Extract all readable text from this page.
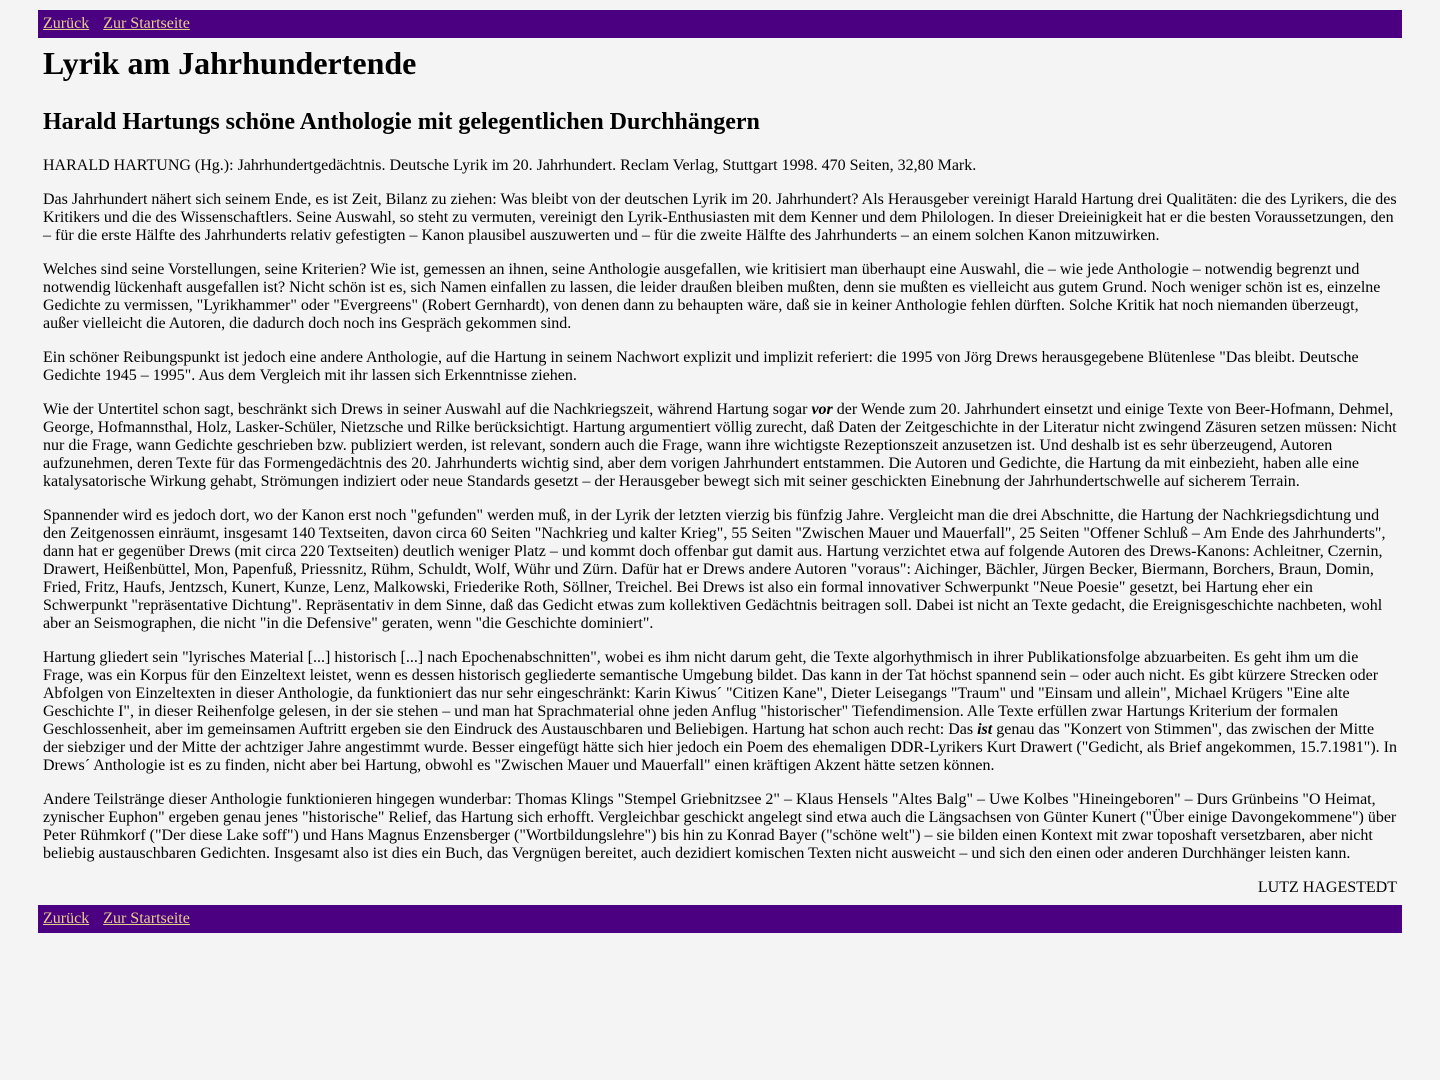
Zurück Zur Startseite
Lyrik am Jahrhundertende
Harald Hartungs schöne Anthologie mit gelegentlichen Durchhängern

HARALD HARTUNG (Hg.): Jahrhundertgedächtnis. Deutsche Lyrik im 20. Jahrhundert. Reclam Verlag, Stuttgart 1998. 470 Seiten, 32,80 Mark.

Das Jahrhundert nähert sich seinem Ende, es ist Zeit, Bilanz zu ziehen: Was bleibt von der deutschen Lyrik im 20. Jahrhundert? Als Herausgeber vereinigt Harald Hartung drei Qualitäten: die des Lyrikers, die des Kritikers und die des Wissenschaftlers. Seine Auswahl, so steht zu vermuten, vereinigt den Lyrik-Enthusiasten mit dem Kenner und dem Philologen. In dieser Dreieinigkeit hat er die besten Voraussetzungen, den – für die erste Hälfte des Jahrhunderts relativ gefestigten – Kanon plausibel auszuwerten und – für die zweite Hälfte des Jahrhunderts – an einem solchen Kanon mitzuwirken.

Welches sind seine Vorstellungen, seine Kriterien? Wie ist, gemessen an ihnen, seine Anthologie ausgefallen, wie kritisiert man überhaupt eine Auswahl, die – wie jede Anthologie – notwendig begrenzt und notwendig lückenhaft ausgefallen ist? Nicht schön ist es, sich Namen einfallen zu lassen, die leider draußen bleiben mußten, denn sie mußten es vielleicht aus gutem Grund. Noch weniger schön ist es, einzelne Gedichte zu vermissen, "Lyrikhammer" oder "Evergreens" (Robert Gernhardt), von denen dann zu behaupten wäre, daß sie in keiner Anthologie fehlen dürften. Solche Kritik hat noch niemanden überzeugt, außer vielleicht die Autoren, die dadurch doch noch ins Gespräch gekommen sind.

Ein schöner Reibungspunkt ist jedoch eine andere Anthologie, auf die Hartung in seinem Nachwort explizit und implizit referiert: die 1995 von Jörg Drews herausgegebene Blütenlese "Das bleibt. Deutsche Gedichte 1945 – 1995". Aus dem Vergleich mit ihr lassen sich Erkenntnisse ziehen.

Wie der Untertitel schon sagt, beschränkt sich Drews in seiner Auswahl auf die Nachkriegszeit, während Hartung sogar vor der Wende zum 20. Jahrhundert einsetzt und einige Texte von Beer-Hofmann, Dehmel, George, Hofmannsthal, Holz, Lasker-Schüler, Nietzsche und Rilke berücksichtigt. Hartung argumentiert völlig zurecht, daß Daten der Zeitgeschichte in der Literatur nicht zwingend Zäsuren setzen müssen: Nicht nur die Frage, wann Gedichte geschrieben bzw. publiziert werden, ist relevant, sondern auch die Frage, wann ihre wichtigste Rezeptionszeit anzusetzen ist. Und deshalb ist es sehr überzeugend, Autoren aufzunehmen, deren Texte für das Formengedächtnis des 20. Jahrhunderts wichtig sind, aber dem vorigen Jahrhundert entstammen. Die Autoren und Gedichte, die Hartung da mit einbezieht, haben alle eine katalysatorische Wirkung gehabt, Strömungen indiziert oder neue Standards gesetzt – der Herausgeber bewegt sich mit seiner geschickten Einebnung der Jahrhundertschwelle auf sicherem Terrain.

Spannender wird es jedoch dort, wo der Kanon erst noch "gefunden" werden muß, in der Lyrik der letzten vierzig bis fünfzig Jahre. Vergleicht man die drei Abschnitte, die Hartung der Nachkriegsdichtung und den Zeitgenossen einräumt, insgesamt 140 Textseiten, davon circa 60 Seiten "Nachkrieg und kalter Krieg", 55 Seiten "Zwischen Mauer und Mauerfall", 25 Seiten "Offener Schluß – Am Ende des Jahrhunderts", dann hat er gegenüber Drews (mit circa 220 Textseiten) deutlich weniger Platz – und kommt doch offenbar gut damit aus. Hartung verzichtet etwa auf folgende Autoren des Drews-Kanons: Achleitner, Czernin, Drawert, Heißenbüttel, Mon, Papenfuß, Priessnitz, Rühm, Schuldt, Wolf, Wühr und Zürn. Dafür hat er Drews andere Autoren "voraus": Aichinger, Bächler, Jürgen Becker, Biermann, Borchers, Braun, Domin, Fried, Fritz, Haufs, Jentzsch, Kunert, Kunze, Lenz, Malkowski, Friederike Roth, Söllner, Treichel. Bei Drews ist also ein formal innovativer Schwerpunkt "Neue Poesie" gesetzt, bei Hartung eher ein Schwerpunkt "repräsentative Dichtung". Repräsentativ in dem Sinne, daß das Gedicht etwas zum kollektiven Gedächtnis beitragen soll. Dabei ist nicht an Texte gedacht, die Ereignisgeschichte nachbeten, wohl aber an Seismographen, die nicht "in die Defensive" geraten, wenn "die Geschichte dominiert".

Hartung gliedert sein "lyrisches Material [...] historisch [...] nach Epochenabschnitten", wobei es ihm nicht darum geht, die Texte algorhythmisch in ihrer Publikationsfolge abzuarbeiten. Es geht ihm um die Frage, was ein Korpus für den Einzeltext leistet, wenn es dessen historisch gegliederte semantische Umgebung bildet. Das kann in der Tat höchst spannend sein – oder auch nicht. Es gibt kürzere Strecken oder Abfolgen von Einzeltexten in dieser Anthologie, da funktioniert das nur sehr eingeschränkt: Karin Kiwus´ "Citizen Kane", Dieter Leisegangs "Traum" und "Einsam und allein", Michael Krügers "Eine alte Geschichte I", in dieser Reihenfolge gelesen, in der sie stehen – und man hat Sprachmaterial ohne jeden Anflug "historischer" Tiefendimension. Alle Texte erfüllen zwar Hartungs Kriterium der formalen Geschlossenheit, aber im gemeinsamen Auftritt ergeben sie den Eindruck des Austauschbaren und Beliebigen. Hartung hat schon auch recht: Das ist genau das "Konzert von Stimmen", das zwischen der Mitte der siebziger und der Mitte der achtziger Jahre angestimmt wurde. Besser eingefügt hätte sich hier jedoch ein Poem des ehemaligen DDR-Lyrikers Kurt Drawert ("Gedicht, als Brief angekommen, 15.7.1981"). In Drews´ Anthologie ist es zu finden, nicht aber bei Hartung, obwohl es "Zwischen Mauer und Mauerfall" einen kräftigen Akzent hätte setzen können.

Andere Teilstränge dieser Anthologie funktionieren hingegen wunderbar: Thomas Klings "Stempel Griebnitzsee 2" – Klaus Hensels "Altes Balg" – Uwe Kolbes "Hineingeboren" – Durs Grünbeins "O Heimat, zynischer Euphon" ergeben genau jenes "historische" Relief, das Hartung sich erhofft. Vergleichbar geschickt angelegt sind etwa auch die Längsachsen von Günter Kunert ("Über einige Davongekommene") über Peter Rühmkorf ("Der diese Lake soff") und Hans Magnus Enzensberger ("Wortbildungslehre") bis hin zu Konrad Bayer ("schöne welt") – sie bilden einen Kontext mit zwar toposhaft versetzbaren, aber nicht beliebig austauschbaren Gedichten. Insgesamt also ist dies ein Buch, das Vergnügen bereitet, auch dezidiert komischen Texten nicht ausweicht – und sich den einen oder anderen Durchhänger leisten kann.

LUTZ HAGESTEDT
Zurück Zur Startseite
